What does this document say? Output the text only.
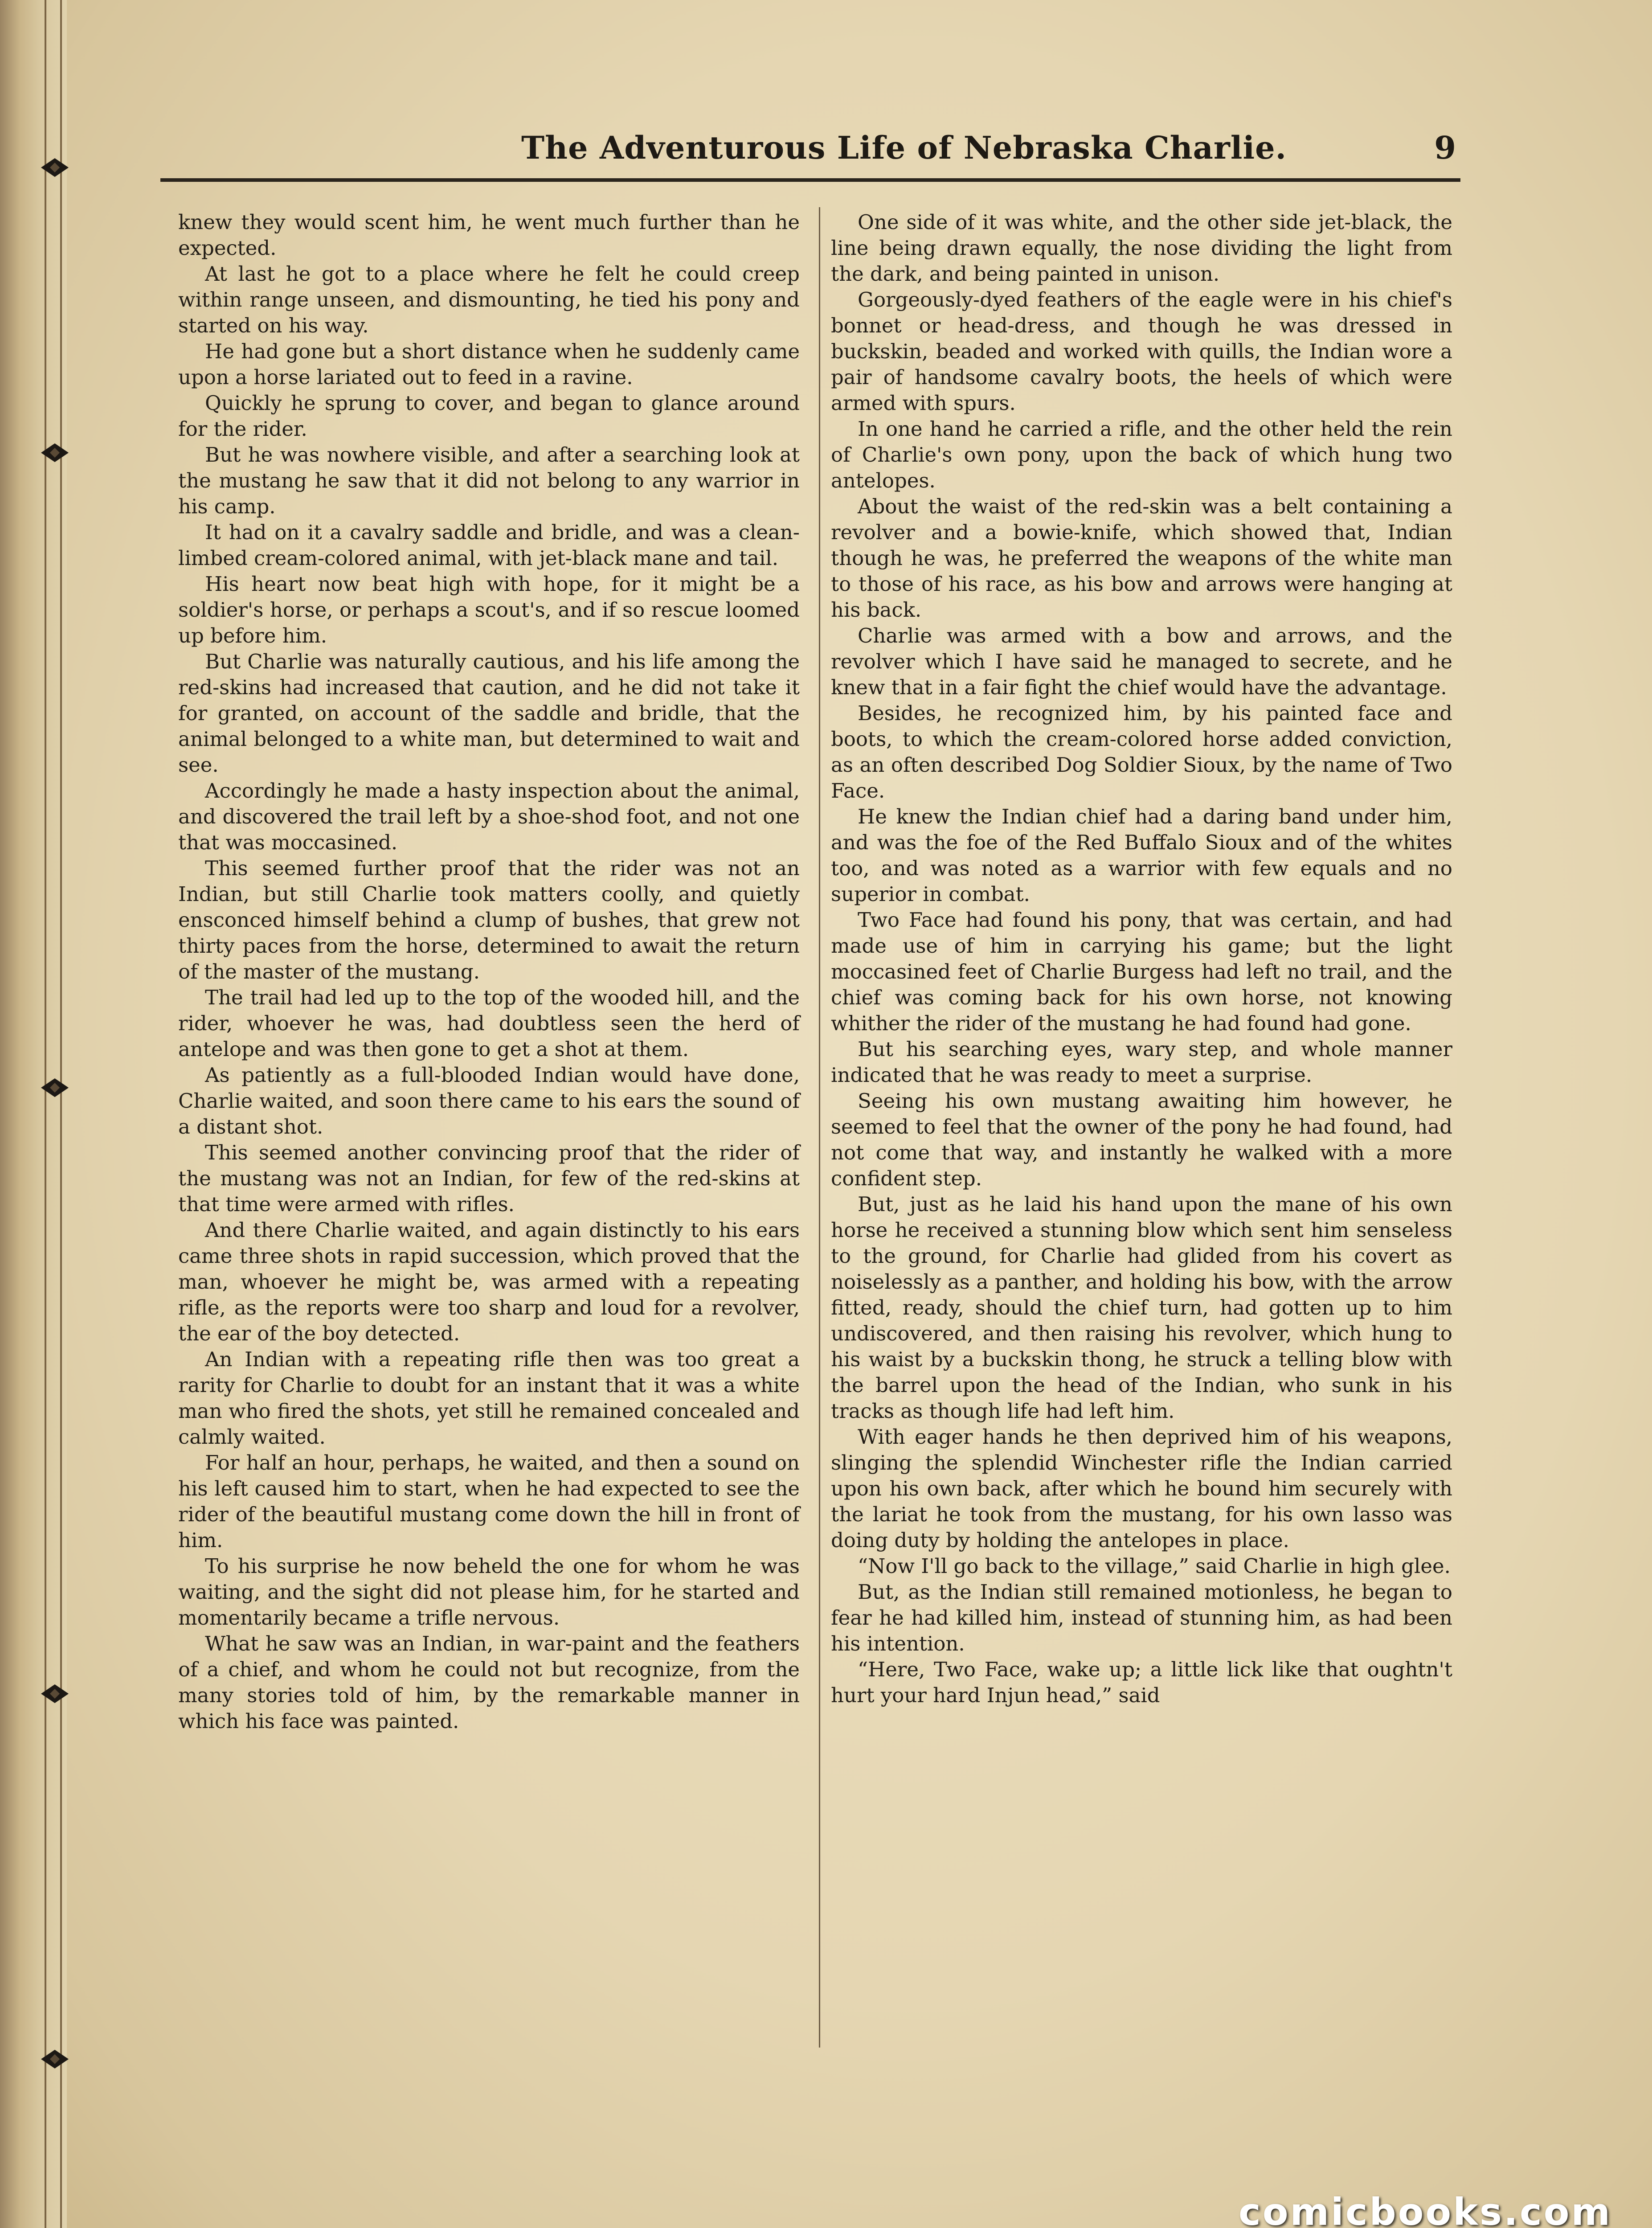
The Adventurous Life of Nebraska Charlie.	9

knew they would scent him, he went much further than he expected.

At last he got to a place where he felt he could creep within range unseen, and dismounting, he tied his pony and started on his way.

He had gone but a short distance when he suddenly came upon a horse lariated out to feed in a ravine.

Quickly he sprung to cover, and began to glance around for the rider.

But he was nowhere visible, and after a searching look at the mustang he saw that it did not belong to any warrior in his camp.

It had on it a cavalry saddle and bridle, and was a clean-limbed cream-colored animal, with jet-black mane and tail.

His heart now beat high with hope, for it might be a soldier's horse, or perhaps a scout's, and if so rescue loomed up before him.

But Charlie was naturally cautious, and his life among the red-skins had increased that caution, and he did not take it for granted, on account of the saddle and bridle, that the animal belonged to a white man, but determined to wait and see.

Accordingly he made a hasty inspection about the animal, and discovered the trail left by a shoe-shod foot, and not one that was moccasined.

This seemed further proof that the rider was not an Indian, but still Charlie took matters coolly, and quietly ensconced himself behind a clump of bushes, that grew not thirty paces from the horse, determined to await the return of the master of the mustang.

The trail had led up to the top of the wooded hill, and the rider, whoever he was, had doubtless seen the herd of antelope and was then gone to get a shot at them.

As patiently as a full-blooded Indian would have done, Charlie waited, and soon there came to his ears the sound of a distant shot.

This seemed another convincing proof that the rider of the mustang was not an Indian, for few of the red-skins at that time were armed with rifles.

And there Charlie waited, and again distinctly to his ears came three shots in rapid succession, which proved that the man, whoever he might be, was armed with a repeating rifle, as the reports were too sharp and loud for a revolver, the ear of the boy detected.

An Indian with a repeating rifle then was too great a rarity for Charlie to doubt for an instant that it was a white man who fired the shots, yet still he remained concealed and calmly waited.

For half an hour, perhaps, he waited, and then a sound on his left caused him to start, when he had expected to see the rider of the beautiful mustang come down the hill in front of him.

To his surprise he now beheld the one for whom he was waiting, and the sight did not please him, for he started and momentarily became a trifle nervous.

What he saw was an Indian, in war-paint and the feathers of a chief, and whom he could not but recognize, from the many stories told of him, by the remarkable manner in which his face was painted.

One side of it was white, and the other side jet-black, the line being drawn equally, the nose dividing the light from the dark, and being painted in unison.

Gorgeously-dyed feathers of the eagle were in his chief's bonnet or head-dress, and though he was dressed in buckskin, beaded and worked with quills, the Indian wore a pair of handsome cavalry boots, the heels of which were armed with spurs.

In one hand he carried a rifle, and the other held the rein of Charlie's own pony, upon the back of which hung two antelopes.

About the waist of the red-skin was a belt containing a revolver and a bowie-knife, which showed that, Indian though he was, he preferred the weapons of the white man to those of his race, as his bow and arrows were hanging at his back.

Charlie was armed with a bow and arrows, and the revolver which I have said he managed to secrete, and he knew that in a fair fight the chief would have the advantage.

Besides, he recognized him, by his painted face and boots, to which the cream-colored horse added conviction, as an often described Dog Soldier Sioux, by the name of Two Face.

He knew the Indian chief had a daring band under him, and was the foe of the Red Buffalo Sioux and of the whites too, and was noted as a warrior with few equals and no superior in combat.

Two Face had found his pony, that was certain, and had made use of him in carrying his game; but the light moccasined feet of Charlie Burgess had left no trail, and the chief was coming back for his own horse, not knowing whither the rider of the mustang he had found had gone.

But his searching eyes, wary step, and whole manner indicated that he was ready to meet a surprise.

Seeing his own mustang awaiting him however, he seemed to feel that the owner of the pony he had found, had not come that way, and instantly he walked with a more confident step.

But, just as he laid his hand upon the mane of his own horse he received a stunning blow which sent him senseless to the ground, for Charlie had glided from his covert as noiselessly as a panther, and holding his bow, with the arrow fitted, ready, should the chief turn, had gotten up to him undiscovered, and then raising his revolver, which hung to his waist by a buckskin thong, he struck a telling blow with the barrel upon the head of the Indian, who sunk in his tracks as though life had left him.

With eager hands he then deprived him of his weapons, slinging the splendid Winchester rifle the Indian carried upon his own back, after which he bound him securely with the lariat he took from the mustang, for his own lasso was doing duty by holding the antelopes in place.

“Now I'll go back to the village,” said Charlie in high glee.

But, as the Indian still remained motionless, he began to fear he had killed him, instead of stunning him, as had been his intention.

“Here, Two Face, wake up; a little lick like that oughtn't hurt your hard Injun head,” said

comicbooks.com
